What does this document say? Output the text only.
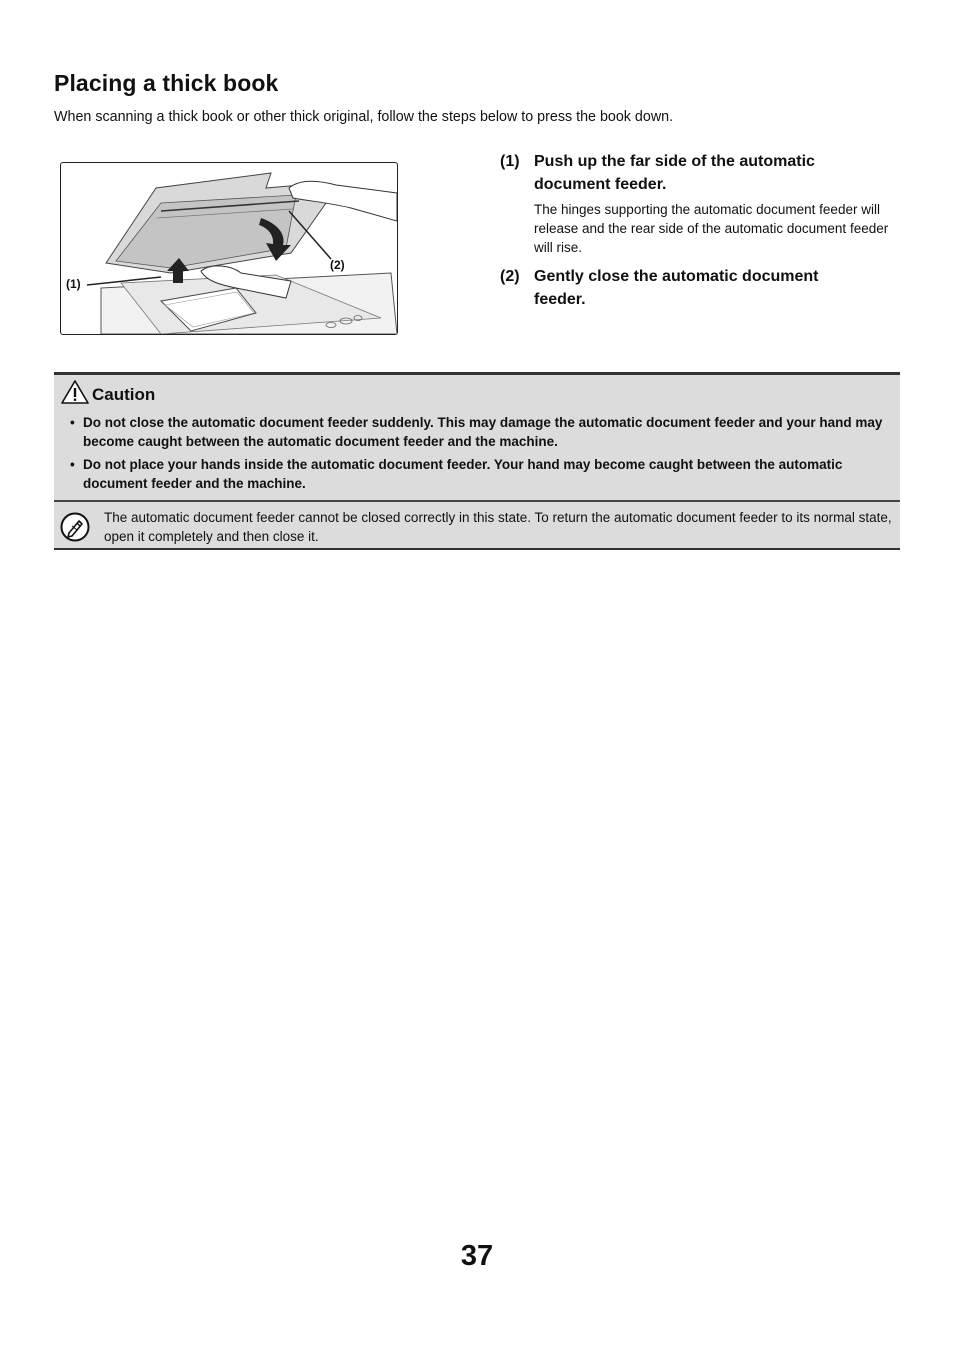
Placing a thick book
When scanning a thick book or other thick original, follow the steps below to press the book down.
(1)
(2)
(1) Push up the far side of the automatic document feeder.
The hinges supporting the automatic document feeder will release and the rear side of the automatic document feeder will rise.
(2) Gently close the automatic document feeder.
Caution
• Do not close the automatic document feeder suddenly. This may damage the automatic document feeder and your hand may become caught between the automatic document feeder and the machine.
• Do not place your hands inside the automatic document feeder. Your hand may become caught between the automatic document feeder and the machine.
The automatic document feeder cannot be closed correctly in this state. To return the automatic document feeder to its normal state, open it completely and then close it.
37
